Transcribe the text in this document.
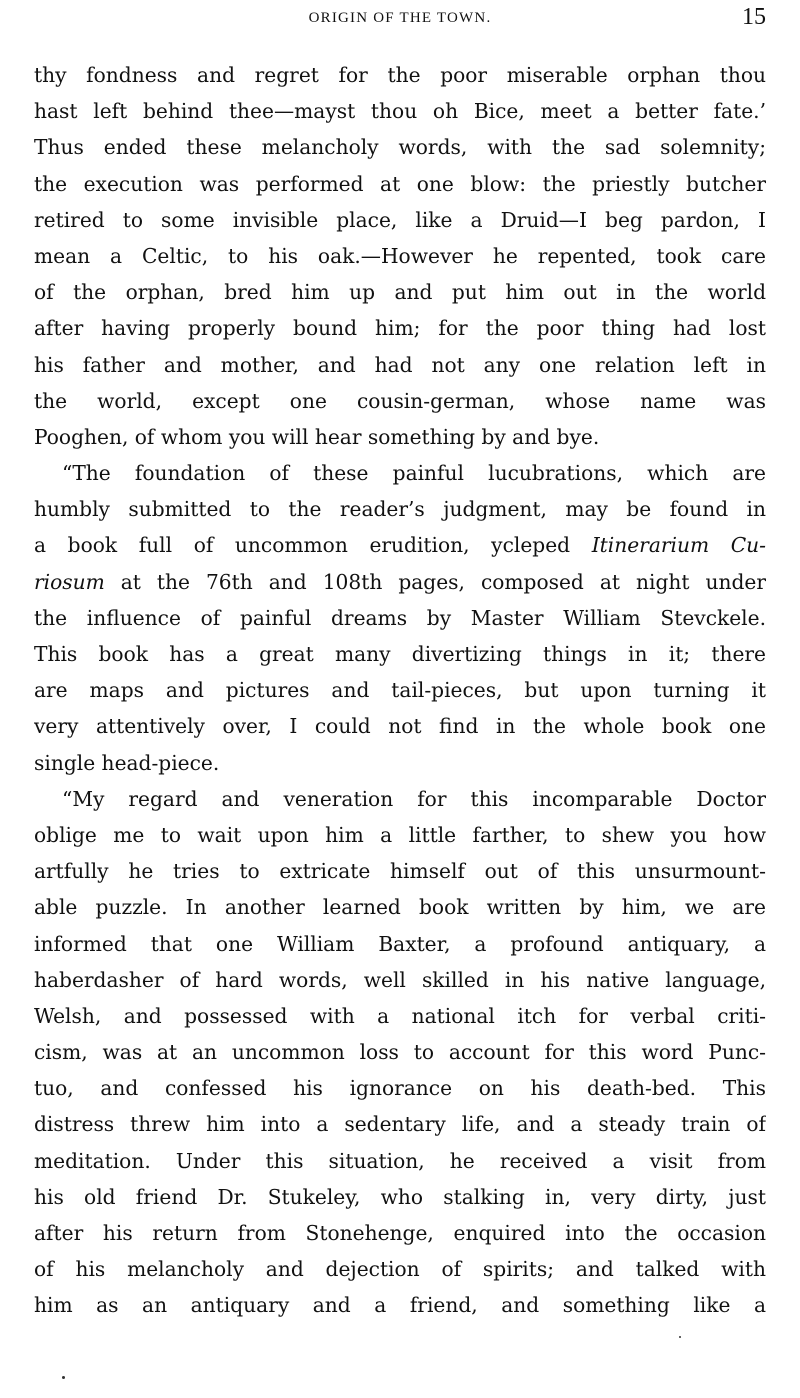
ORIGIN OF THE TOWN.	15
thy fondness and regret for the poor miserable orphan thou
hast left behind thee—mayst thou oh Bice, meet a better fate.’
Thus ended these melancholy words, with the sad solemnity;
the execution was performed at one blow: the priestly butcher
retired to some invisible place, like a Druid—I beg pardon, I
mean a Celtic, to his oak.—However he repented, took care
of the orphan, bred him up and put him out in the world
after having properly bound him; for the poor thing had lost
his father and mother, and had not any one relation left in
the world, except one cousin-german, whose name was
Pooghen, of whom you will hear something by and bye.
“The foundation of these painful lucubrations, which are
humbly submitted to the reader’s judgment, may be found in
a book full of uncommon erudition, ycleped Itinerarium Cu-
riosum at the 76th and 108th pages, composed at night under
the influence of painful dreams by Master William Stevckele.
This book has a great many divertizing things in it; there
are maps and pictures and tail-pieces, but upon turning it
very attentively over, I could not find in the whole book one
single head-piece.
“My regard and veneration for this incomparable Doctor
oblige me to wait upon him a little farther, to shew you how
artfully he tries to extricate himself out of this unsurmount-
able puzzle. In another learned book written by him, we are
informed that one William Baxter, a profound antiquary, a
haberdasher of hard words, well skilled in his native language,
Welsh, and possessed with a national itch for verbal criti-
cism, was at an uncommon loss to account for this word Punc-
tuo, and confessed his ignorance on his death-bed. This
distress threw him into a sedentary life, and a steady train of
meditation. Under this situation, he received a visit from
his old friend Dr. Stukeley, who stalking in, very dirty, just
after his return from Stonehenge, enquired into the occasion
of his melancholy and dejection of spirits; and talked with
him as an antiquary and a friend, and something like a
